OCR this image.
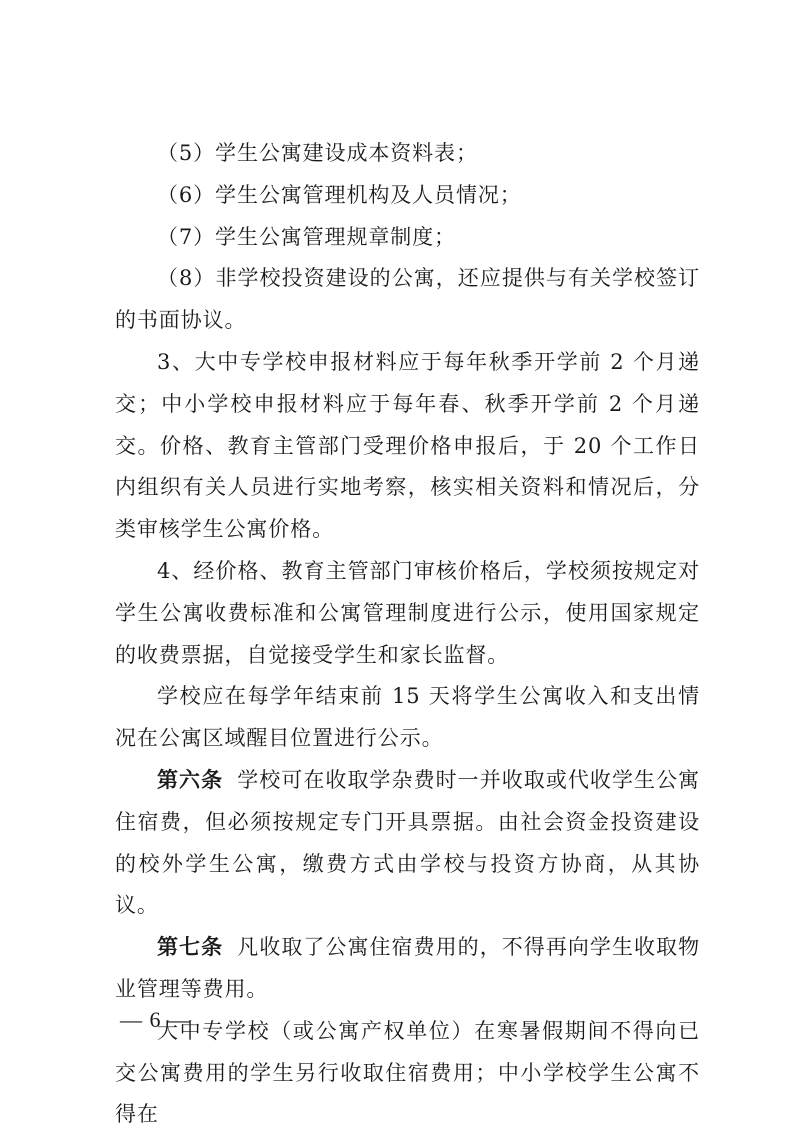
（5）学生公寓建设成本资料表；

（6）学生公寓管理机构及人员情况；

（7）学生公寓管理规章制度；

（8）非学校投资建设的公寓，还应提供与有关学校签订的书面协议。

3、大中专学校申报材料应于每年秋季开学前 2 个月递交；中小学校申报材料应于每年春、秋季开学前 2 个月递交。价格、教育主管部门受理价格申报后，于 20 个工作日内组织有关人员进行实地考察，核实相关资料和情况后，分类审核学生公寓价格。

4、经价格、教育主管部门审核价格后，学校须按规定对学生公寓收费标准和公寓管理制度进行公示，使用国家规定的收费票据，自觉接受学生和家长监督。

学校应在每学年结束前 15 天将学生公寓收入和支出情况在公寓区域醒目位置进行公示。

第六条 学校可在收取学杂费时一并收取或代收学生公寓住宿费，但必须按规定专门开具票据。由社会资金投资建设的校外学生公寓，缴费方式由学校与投资方协商，从其协议。

第七条 凡收取了公寓住宿费用的，不得再向学生收取物业管理等费用。

大中专学校（或公寓产权单位）在寒暑假期间不得向已交公寓费用的学生另行收取住宿费用；中小学校学生公寓不得在

— 6 —
